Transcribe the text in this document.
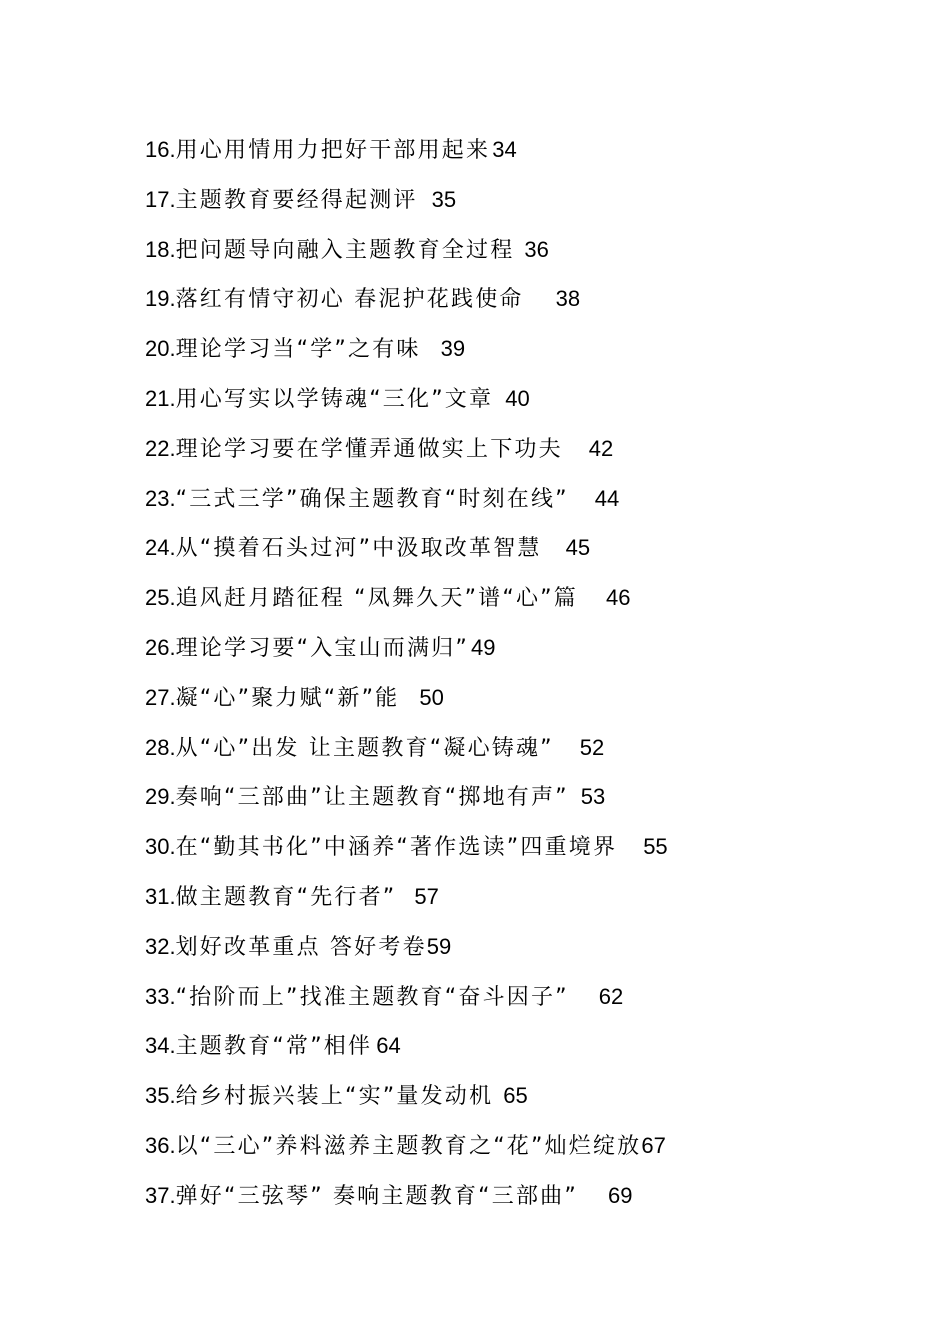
16.用心用情用力把好干部用起来34
17.主题教育要经得起测评 35
18.把问题导向融入主题教育全过程 36
19.落红有情守初心 春泥护花践使命 38
20.理论学习当“学”之有味 39
21.用心写实以学铸魂“三化”文章 40
22.理论学习要在学懂弄通做实上下功夫 42
23.“三式三学”确保主题教育“时刻在线” 44
24.从“摸着石头过河”中汲取改革智慧 45
25.追风赶月踏征程 “凤舞久天”谱“心”篇 46
26.理论学习要“入宝山而满归”49
27.凝“心”聚力赋“新”能 50
28.从“心”出发 让主题教育“凝心铸魂” 52
29.奏响“三部曲”让主题教育“掷地有声” 53
30.在“勤其书化”中涵养“著作选读”四重境界 55
31.做主题教育“先行者” 57
32.划好改革重点 答好考卷59
33.“抬阶而上”找准主题教育“奋斗因子” 62
34.主题教育“常”相伴 64
35.给乡村振兴装上“实”量发动机 65
36.以“三心”养料滋养主题教育之“花”灿烂绽放67
37.弹好“三弦琴” 奏响主题教育“三部曲” 69
